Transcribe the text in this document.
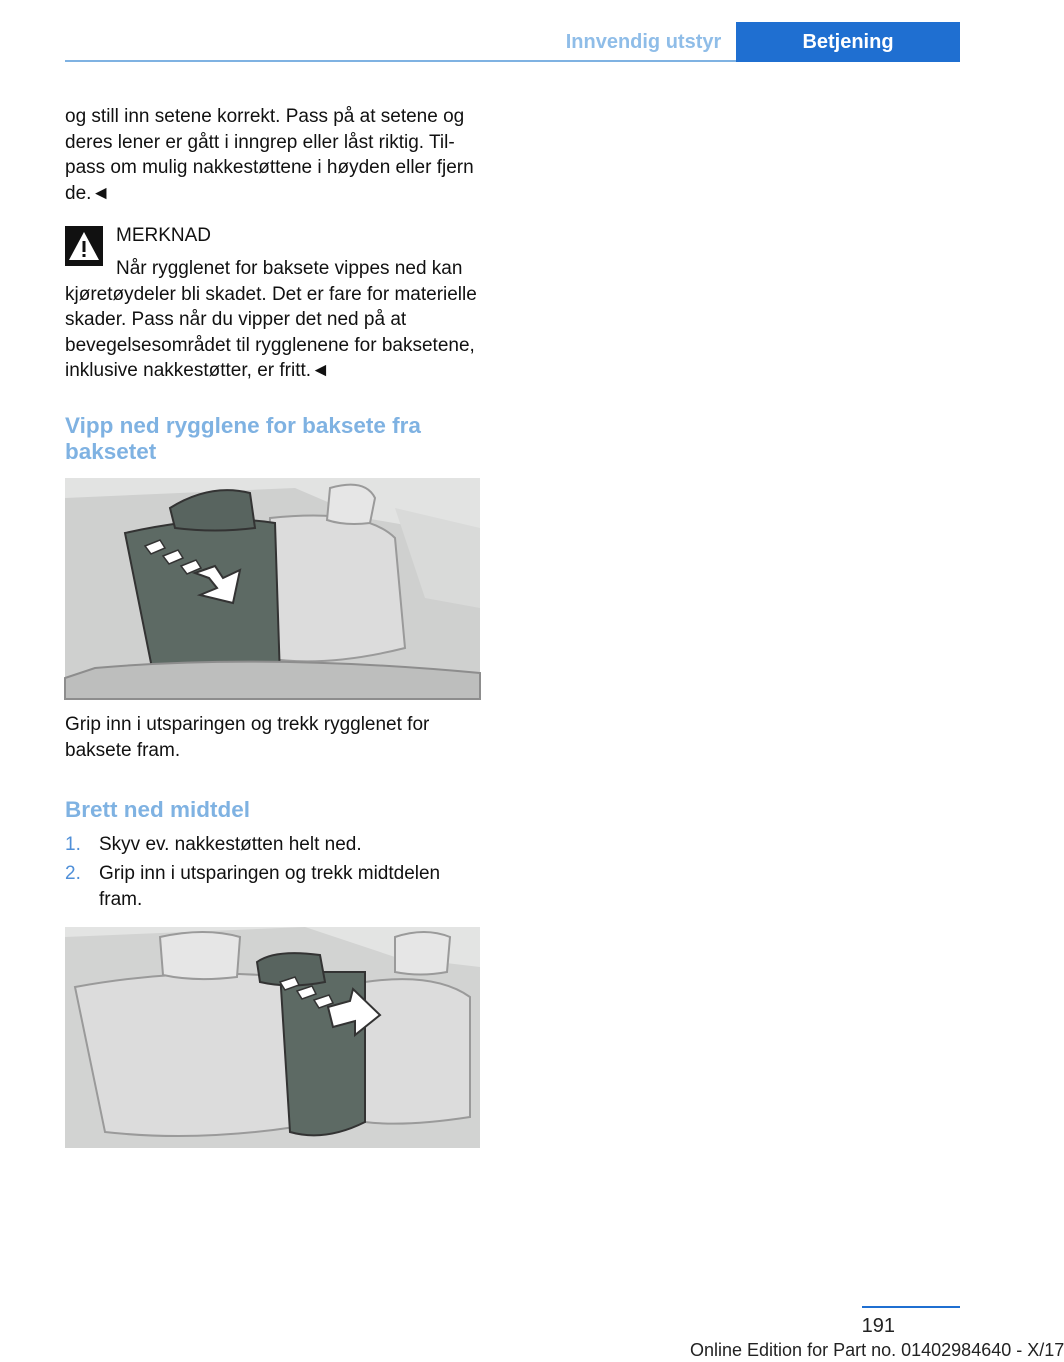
Innvendig utstyr	Betjening
og still inn setene korrekt. Pass på at setene og deres lener er gått i inngrep eller låst riktig. Tilpass om mulig nakkestøttene i høyden eller fjern de.◄
MERKNAD
Når rygglenet for baksete vippes ned kan kjøretøydeler bli skadet. Det er fare for materielle skader. Pass når du vipper det ned på at bevegelsesområdet til rygglenene for baksetene, inklusive nakkestøtter, er fritt.◄
Vipp ned rygglene for baksete fra baksetet
Grip inn i utsparingen og trekk rygglenet for baksete fram.
Brett ned midtdel
1. Skyv ev. nakkestøtten helt ned.
2. Grip inn i utsparingen og trekk midtdelen fram.
191
Online Edition for Part no. 01402984640 - X/17
